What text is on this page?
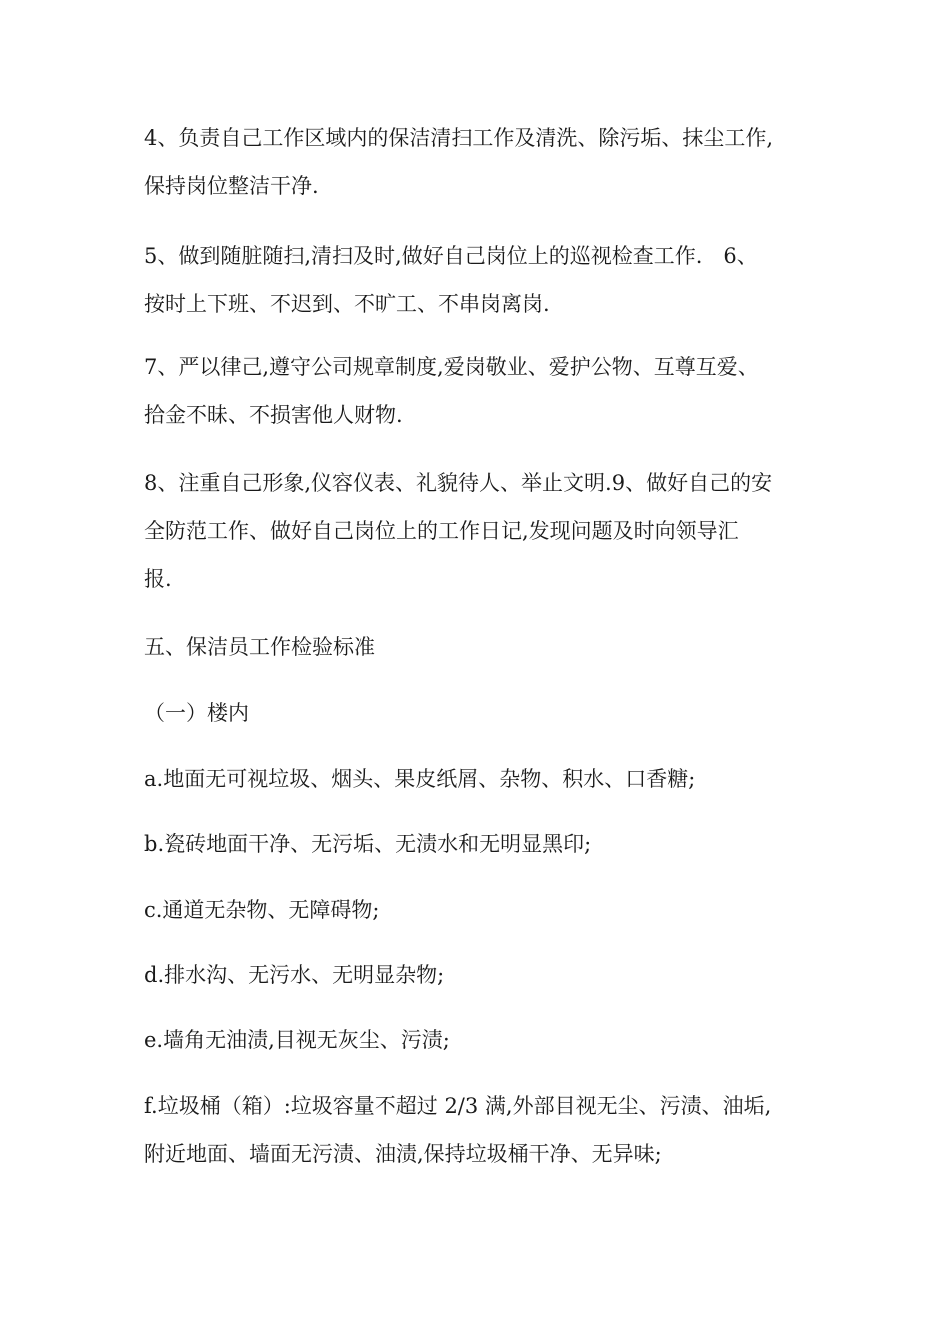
4、负责自己工作区域内的保洁清扫工作及清洗、除污垢、抹尘工作,
保持岗位整洁干净.

5、做到随脏随扫,清扫及时,做好自己岗位上的巡视检查工作.　6、
按时上下班、不迟到、不旷工、不串岗离岗.

7、严以律己,遵守公司规章制度,爱岗敬业、爱护公物、互尊互爱、
拾金不昧、不损害他人财物.

8、注重自己形象,仪容仪表、礼貌待人、举止文明.9、做好自己的安
全防范工作、做好自己岗位上的工作日记,发现问题及时向领导汇
报.

五、保洁员工作检验标准

（一）楼内

a.地面无可视垃圾、烟头、果皮纸屑、杂物、积水、口香糖;

b.瓷砖地面干净、无污垢、无渍水和无明显黑印;

c.通道无杂物、无障碍物;

d.排水沟、无污水、无明显杂物;

e.墙角无油渍,目视无灰尘、污渍;

f.垃圾桶（箱）:垃圾容量不超过 2/3 满,外部目视无尘、污渍、油垢,
附近地面、墙面无污渍、油渍,保持垃圾桶干净、无异味;
